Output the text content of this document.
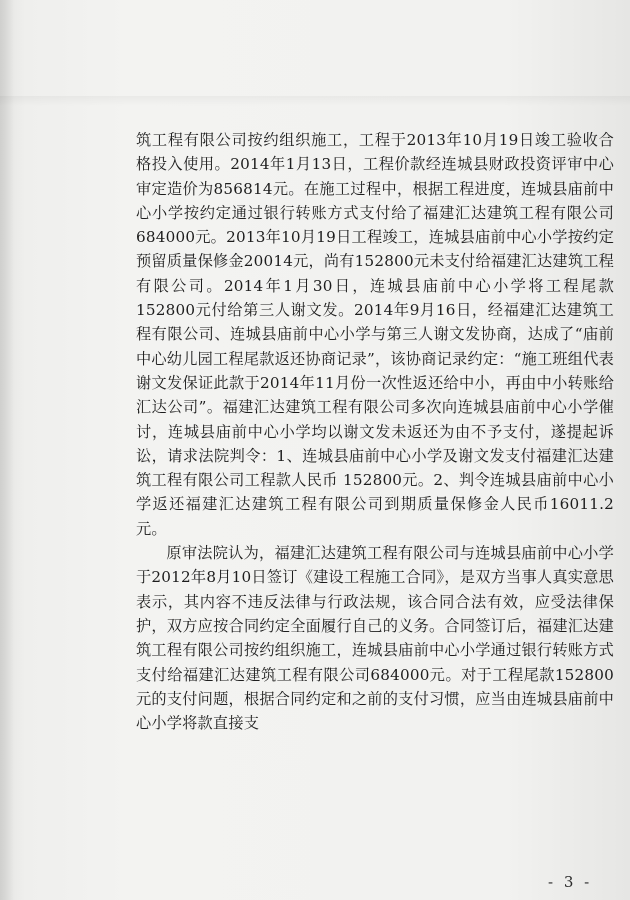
筑工程有限公司按约组织施工，工程于2013年10月19日竣工验收合格投入使用。2014年1月13日，工程价款经连城县财政投资评审中心审定造价为856814元。在施工过程中，根据工程进度，连城县庙前中心小学按约定通过银行转账方式支付给了福建汇达建筑工程有限公司684000元。2013年10月19日工程竣工，连城县庙前中心小学按约定预留质量保修金20014元，尚有152800元未支付给福建汇达建筑工程有限公司。2014年1月30日，连城县庙前中心小学将工程尾款152800元付给第三人谢文发。2014年9月16日，经福建汇达建筑工程有限公司、连城县庙前中心小学与第三人谢文发协商，达成了“庙前中心幼儿园工程尾款返还协商记录”，该协商记录约定：“施工班组代表谢文发保证此款于2014年11月份一次性返还给中小，再由中小转账给汇达公司”。福建汇达建筑工程有限公司多次向连城县庙前中心小学催讨，连城县庙前中心小学均以谢文发未返还为由不予支付，遂提起诉讼，请求法院判令：1、连城县庙前中心小学及谢文发支付福建汇达建筑工程有限公司工程款人民币 152800元。2、判令连城县庙前中心小学返还福建汇达建筑工程有限公司到期质量保修金人民币16011.2元。

原审法院认为，福建汇达建筑工程有限公司与连城县庙前中心小学于2012年8月10日签订《建设工程施工合同》，是双方当事人真实意思表示，其内容不违反法律与行政法规，该合同合法有效，应受法律保护，双方应按合同约定全面履行自己的义务。合同签订后，福建汇达建筑工程有限公司按约组织施工，连城县庙前中心小学通过银行转账方式支付给福建汇达建筑工程有限公司684000元。对于工程尾款152800元的支付问题，根据合同约定和之前的支付习惯，应当由连城县庙前中心小学将款直接支

- 3 -
